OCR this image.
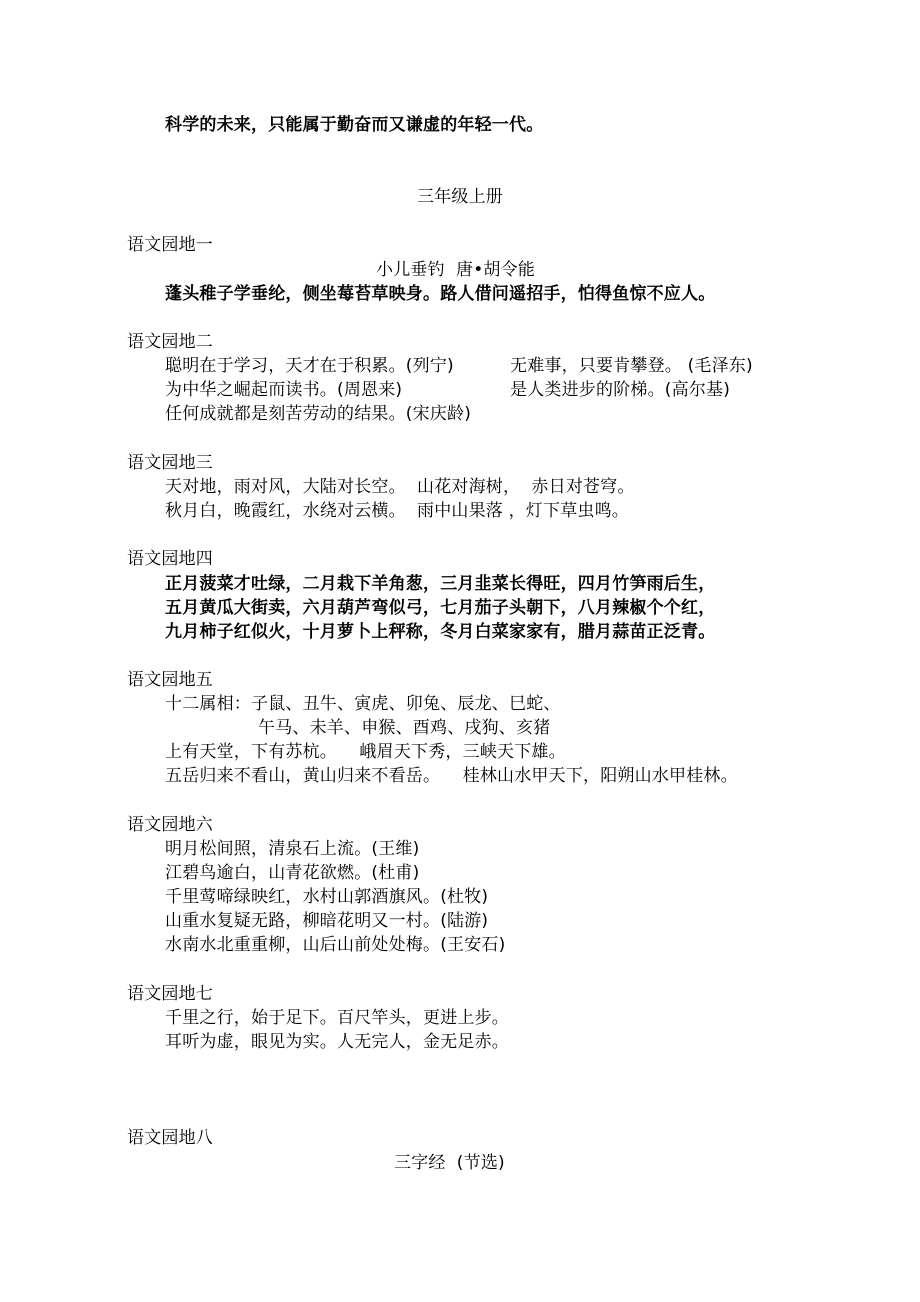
科学的未来，只能属于勤奋而又谦虚的年轻一代。
三年级上册
语文园地一
小儿垂钓  唐•胡令能
蓬头稚子学垂纶，侧坐莓苔草映身。路人借问遥招手，怕得鱼惊不应人。
语文园地二
聪明在于学习，天才在于积累。(列宁)	无难事，只要肯攀登。 (毛泽东)
为中华之崛起而读书。(周恩来)	是人类进步的阶梯。(高尔基)
任何成就都是刻苦劳动的结果。(宋庆龄)
语文园地三
天对地，雨对风，大陆对长空。  山花对海树，  赤日对苍穹。
秋月白，晚霞红，水绕对云横。  雨中山果落 ，灯下草虫鸣。
语文园地四
正月菠菜才吐绿，二月栽下羊角葱，三月韭菜长得旺，四月竹笋雨后生，
五月黄瓜大街卖，六月葫芦弯似弓，七月茄子头朝下，八月辣椒个个红，
九月柿子红似火，十月萝卜上秤称，冬月白菜家家有，腊月蒜苗正泛青。
语文园地五
十二属相：子鼠、丑牛、寅虎、卯兔、辰龙、巳蛇、
午马、未羊、申猴、酉鸡、戌狗、亥猪
上有天堂，下有苏杭。    峨眉天下秀，三峡天下雄。
五岳归来不看山，黄山归来不看岳。    桂林山水甲天下，阳朔山水甲桂林。
语文园地六
明月松间照，清泉石上流。(王维)
江碧鸟逾白，山青花欲燃。(杜甫)
千里莺啼绿映红，水村山郭酒旗风。(杜牧)
山重水复疑无路，柳暗花明又一村。(陆游)
水南水北重重柳，山后山前处处梅。(王安石)
语文园地七
千里之行，始于足下。百尺竿头，更进上步。
耳听为虚，眼见为实。人无完人，金无足赤。
语文园地八
三字经  (节选)
